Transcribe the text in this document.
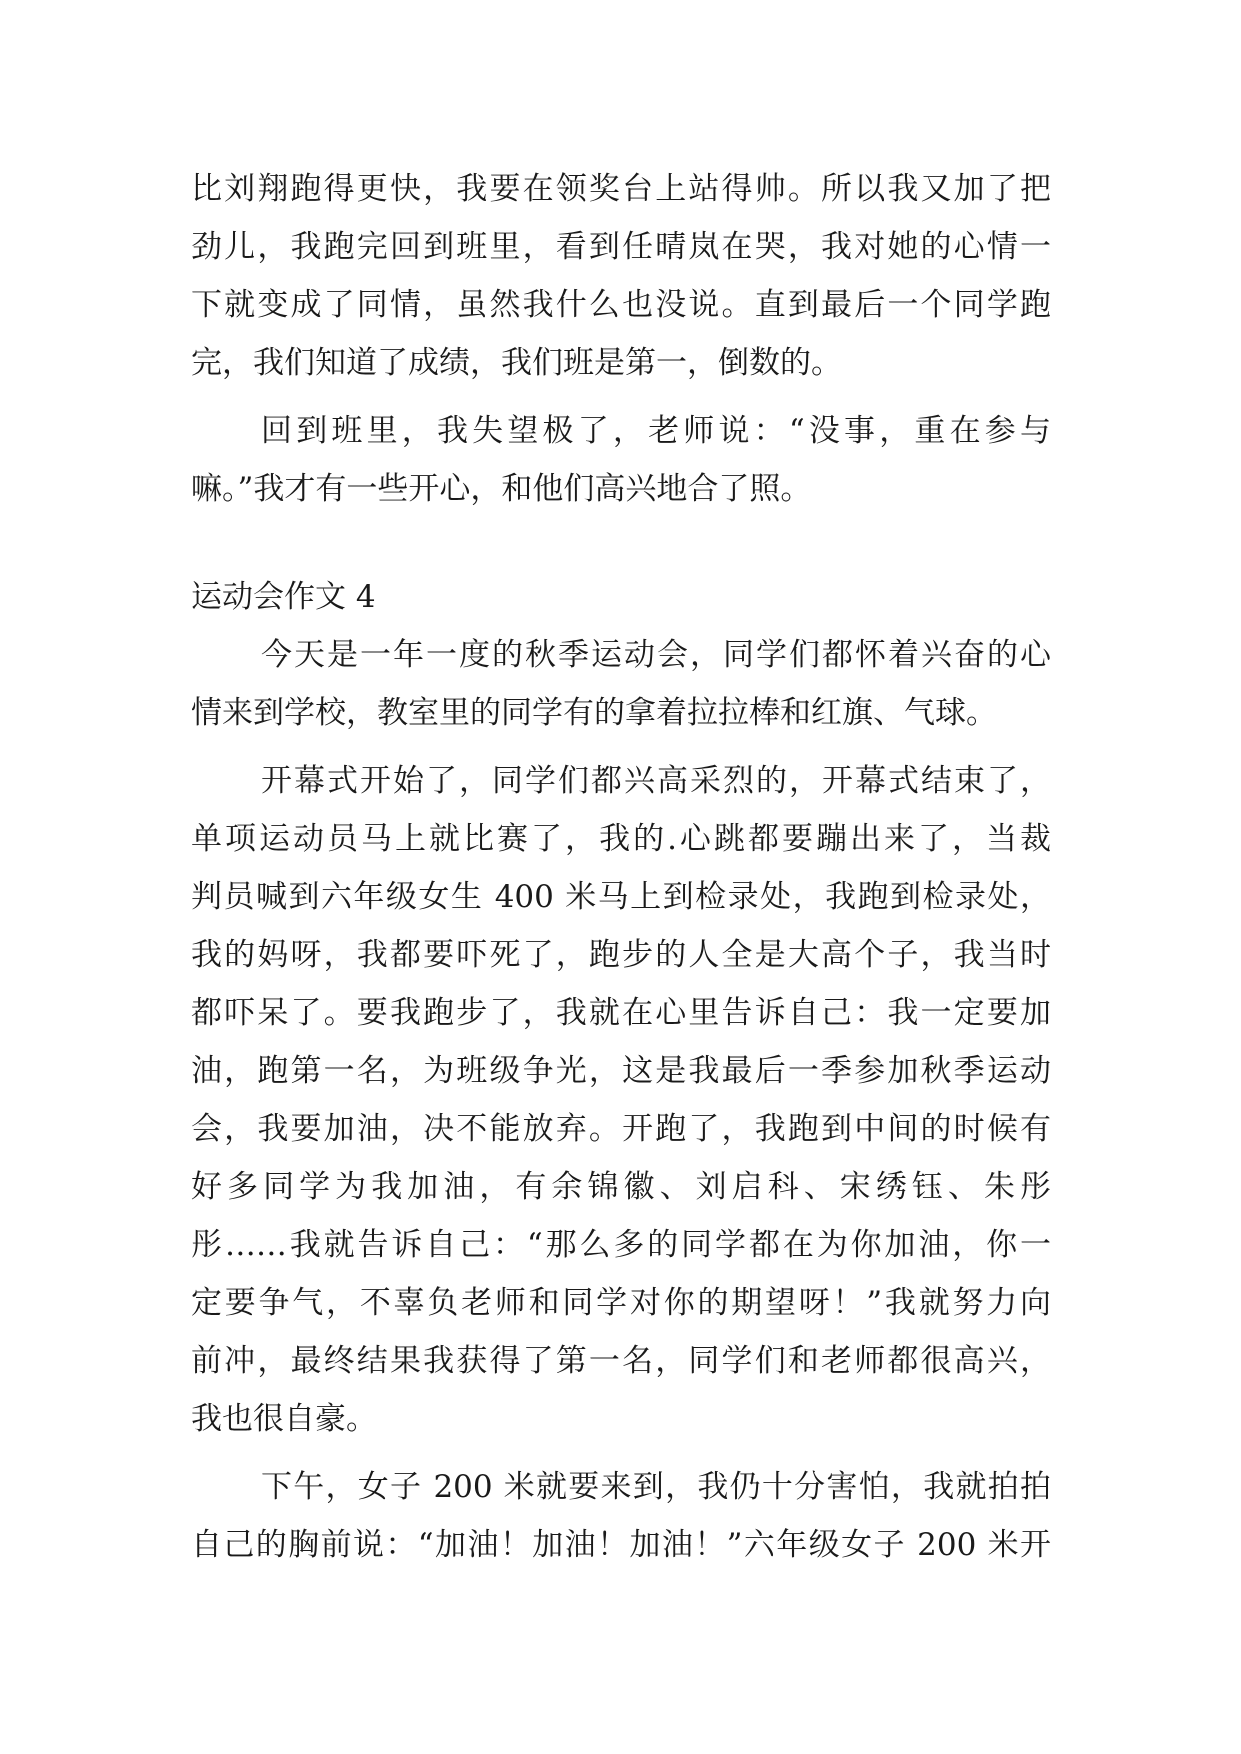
比刘翔跑得更快，我要在领奖台上站得帅。所以我又加了把
劲儿，我跑完回到班里，看到任晴岚在哭，我对她的心情一
下就变成了同情，虽然我什么也没说。直到最后一个同学跑
完，我们知道了成绩，我们班是第一，倒数的。
回到班里，我失望极了，老师说：“没事，重在参与
嘛。”我才有一些开心，和他们高兴地合了照。
运动会作文 4
今天是一年一度的秋季运动会，同学们都怀着兴奋的心
情来到学校，教室里的同学有的拿着拉拉棒和红旗、气球。
开幕式开始了，同学们都兴高采烈的，开幕式结束了，
单项运动员马上就比赛了，我的.心跳都要蹦出来了，当裁
判员喊到六年级女生 400 米马上到检录处，我跑到检录处，
我的妈呀，我都要吓死了，跑步的人全是大高个子，我当时
都吓呆了。要我跑步了，我就在心里告诉自己：我一定要加
油，跑第一名，为班级争光，这是我最后一季参加秋季运动
会，我要加油，决不能放弃。开跑了，我跑到中间的时候有
好多同学为我加油，有余锦徽、刘启科、宋绣钰、朱彤
彤……我就告诉自己：“那么多的同学都在为你加油，你一
定要争气，不辜负老师和同学对你的期望呀！”我就努力向
前冲，最终结果我获得了第一名，同学们和老师都很高兴，
我也很自豪。
下午，女子 200 米就要来到，我仍十分害怕，我就拍拍
自己的胸前说：“加油！加油！加油！”六年级女子 200 米开
